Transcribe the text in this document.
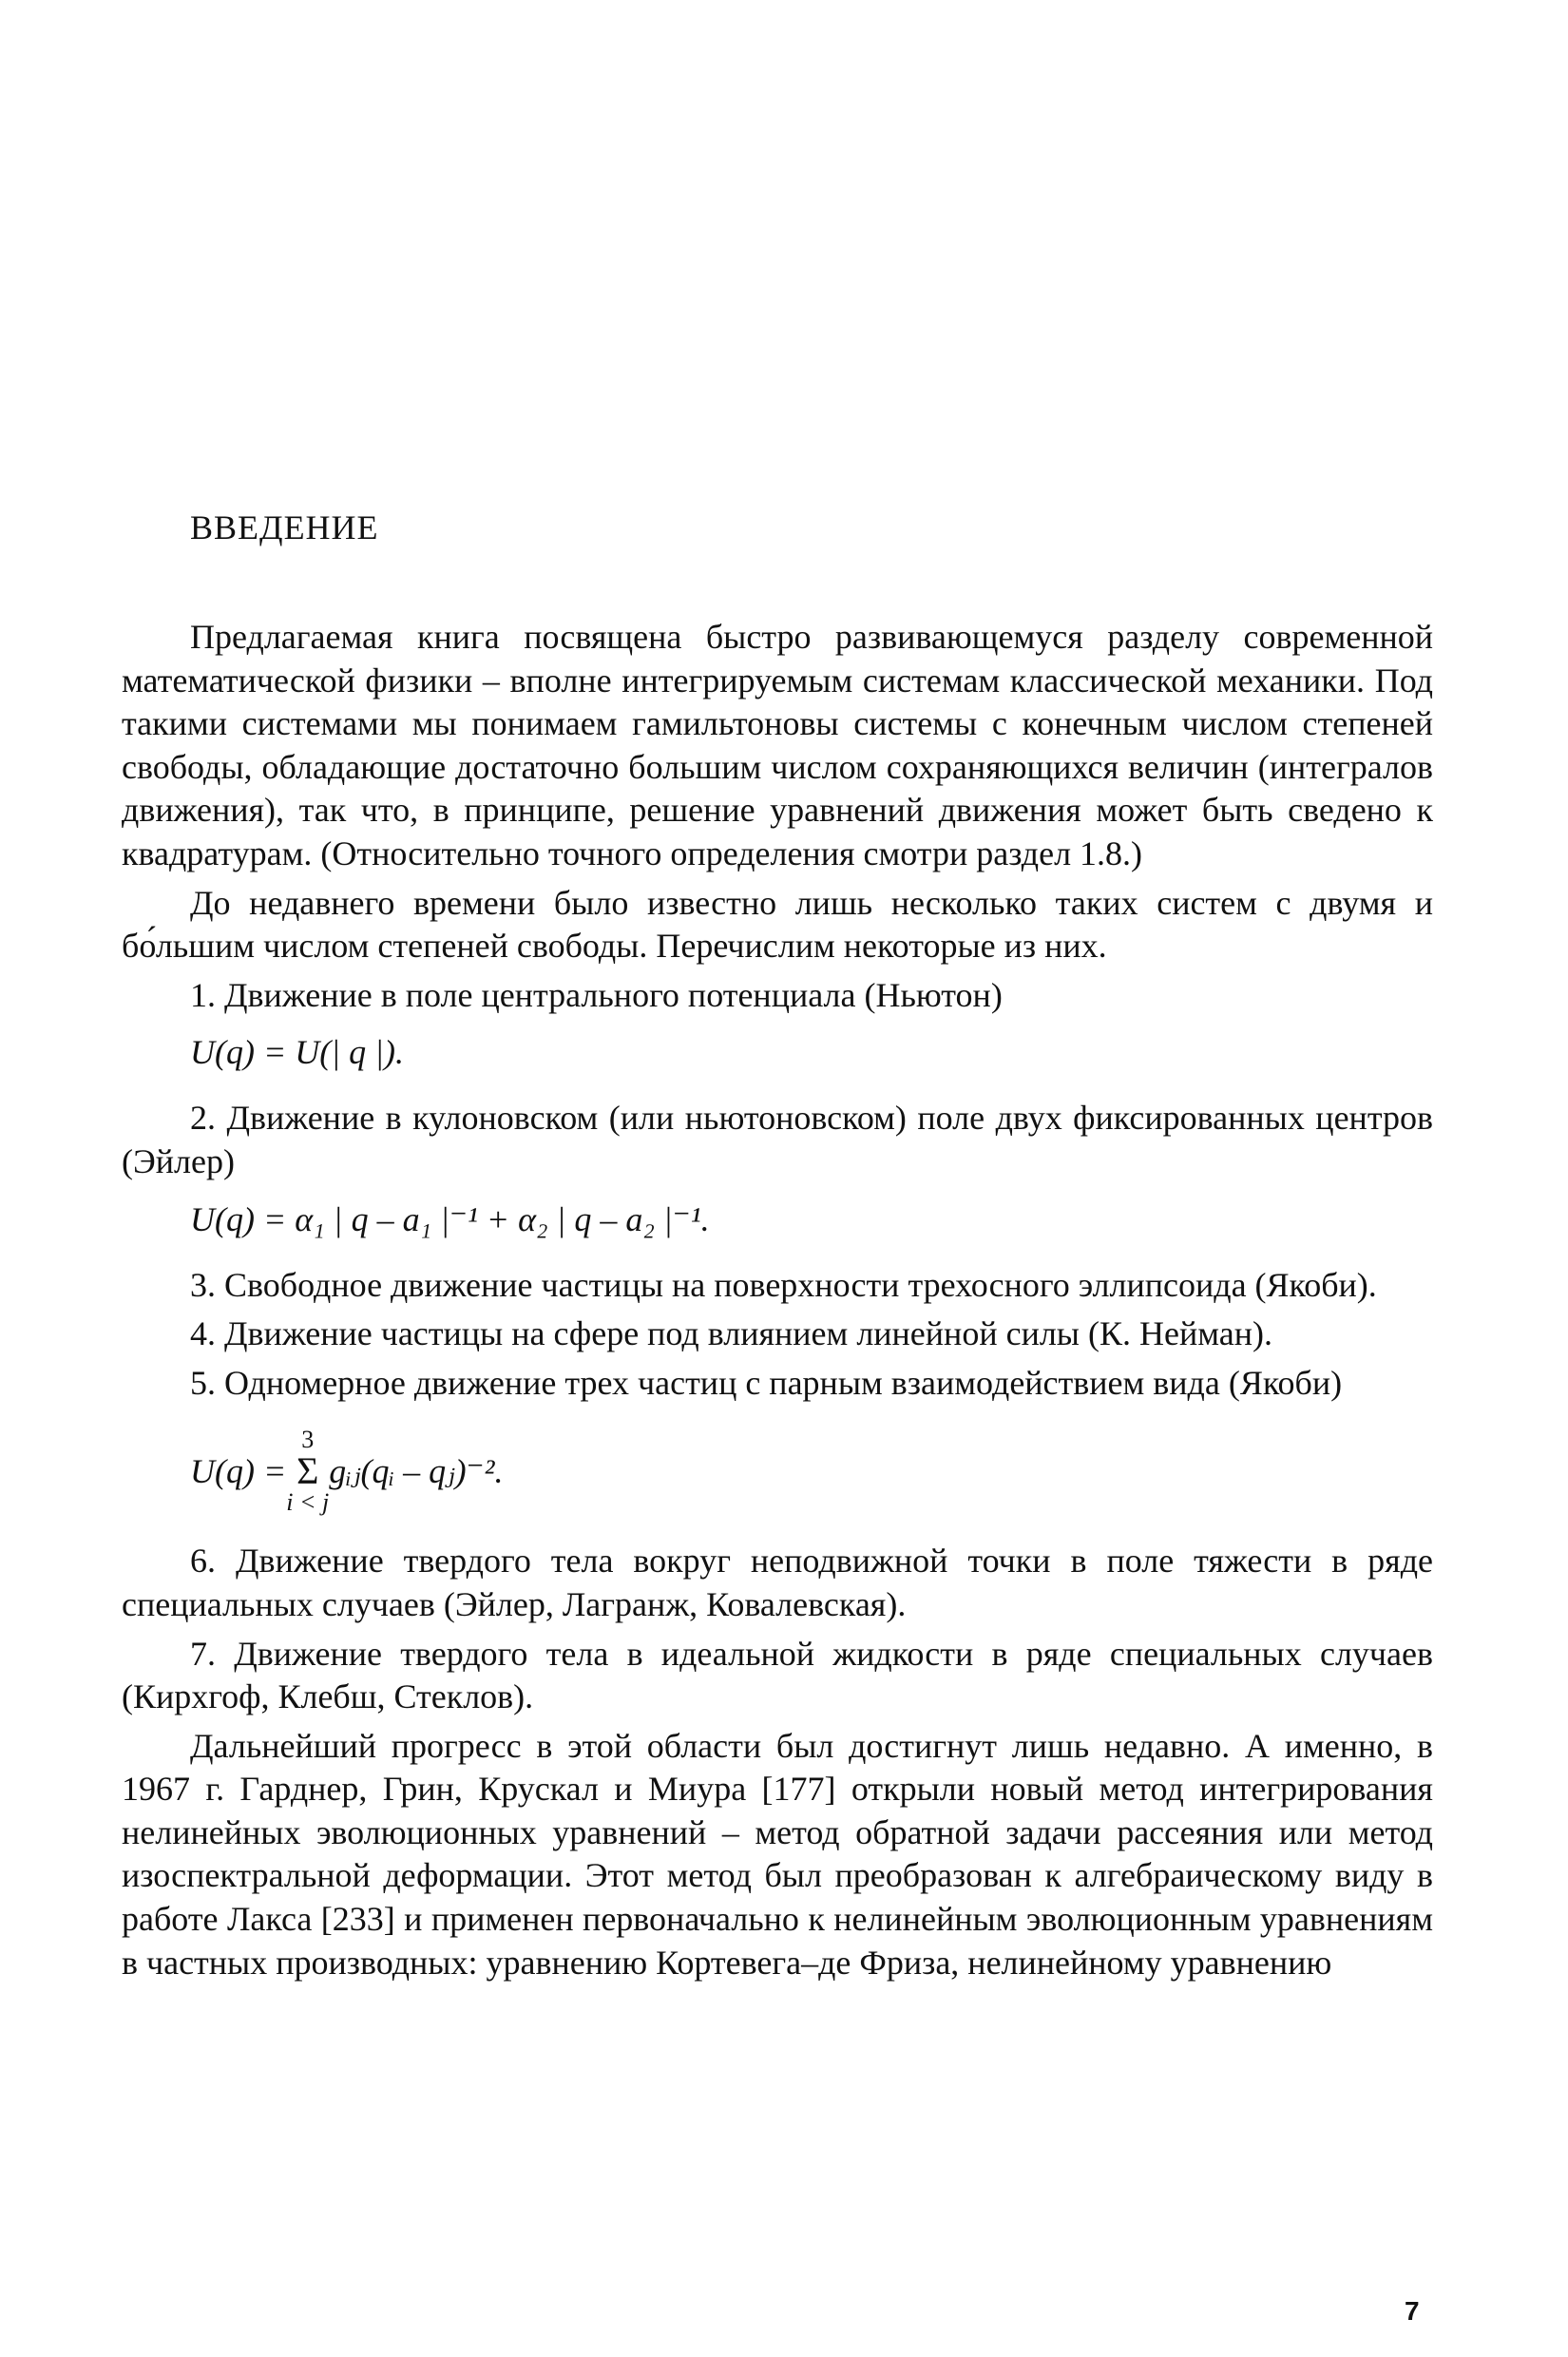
ВВЕДЕНИЕ

Предлагаемая книга посвящена быстро развивающемуся разделу современной математической физики – вполне интегрируемым системам классической механики. Под такими системами мы понимаем гамильтоновы системы с конечным числом степеней свободы, обладающие достаточно большим числом сохраняющихся величин (интегралов движения), так что, в принципе, решение уравнений движения может быть сведено к квадратурам. (Относительно точного определения смотри раздел 1.8.)

До недавнего времени было известно лишь несколько таких систем с двумя и бо́льшим числом степеней свободы. Перечислим некоторые из них.

1. Движение в поле центрального потенциала (Ньютон)

U(q) = U(| q |).

2. Движение в кулоновском (или ньютоновском) поле двух фиксированных центров (Эйлер)

U(q) = α₁ | q – a₁ |⁻¹ + α₂ | q – a₂ |⁻¹.

3. Свободное движение частицы на поверхности трехосного эллипсоида (Якоби).

4. Движение частицы на сфере под влиянием линейной силы (К. Нейман).

5. Одномерное движение трех частиц с парным взаимодействием вида (Якоби)

U(q) =	
3
Σ
i < j
	gᵢⱼ(qᵢ – qⱼ)⁻².

6. Движение твердого тела вокруг неподвижной точки в поле тяжести в ряде специальных случаев (Эйлер, Лагранж, Ковалевская).

7. Движение твердого тела в идеальной жидкости в ряде специальных случаев (Кирхгоф, Клебш, Стеклов).

Дальнейший прогресс в этой области был достигнут лишь недавно. А именно, в 1967 г. Гарднер, Грин, Крускал и Миура [177] открыли новый метод интегрирования нелинейных эволюционных уравнений – метод обратной задачи рассеяния или метод изоспектральной деформации. Этот метод был преобразован к алгебраическому виду в работе Лакса [233] и применен первоначально к нелинейным эволюционным уравнениям в частных производных: уравнению Кортевега–де Фриза, нелинейному уравнению

7
